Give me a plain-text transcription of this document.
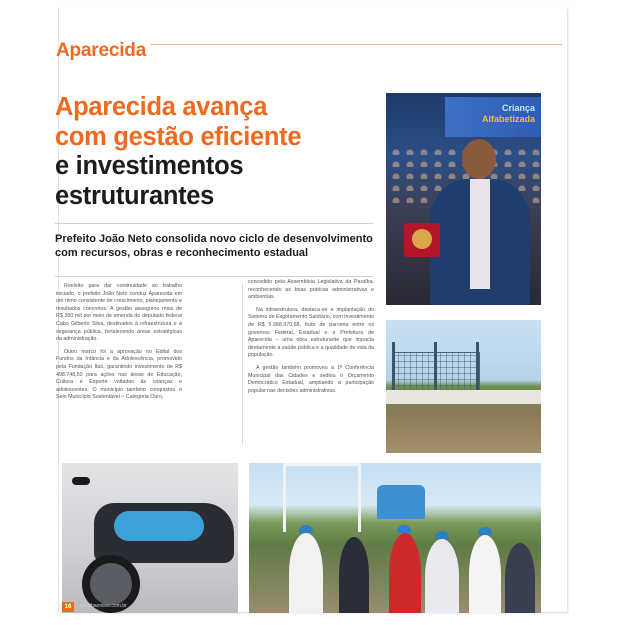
Aparecida
Aparecida avança
com gestão eficiente
e investimentos
estruturantes
Prefeito João Neto consolida novo ciclo de desenvolvimento com recursos, obras e reconhecimento estadual

Reeleito para dar continuidade ao trabalho iniciado, o prefeito João Neto conduz Aparecida em um ritmo consistente de crescimento, planejamento e resultados concretos. A gestão assegurou mais de R$ 350 mil por meio de emenda do deputado federal Cabo Gilberto Silva, destinados à infraestrutura e à segurança pública, fortalecendo áreas estratégicas da administração.

Outro marco foi a aprovação no Edital dos Fundos da Infância e da Adolescência, promovido pela Fundação Itaú, garantindo investimento de R$ 498.748,50 para ações nas áreas de Educação, Cultura e Esporte voltadas às crianças e adolescentes. O município também conquistou o Selo Município Sustentável – Categoria Ouro,

concedido pela Assembleia Legislativa da Paraíba, reconhecendo as boas práticas administrativas e ambientais.

Na infraestrutura, destaca-se a implantação do Sistema de Esgotamento Sanitário, com investimento de R$ 5.988.970,68, fruto de parceria entre os governos Federal, Estadual e a Prefeitura de Aparecida – uma obra estruturante que impacta diretamente a saúde pública e a qualidade de vida da população.

A gestão também promoveu a 1ª Conferência Municipal das Cidades e sediou o Orçamento Democrático Estadual, ampliando a participação popular nas decisões administrativas.

Criança
Alfabetizada
16	paraibaonline.com.br
